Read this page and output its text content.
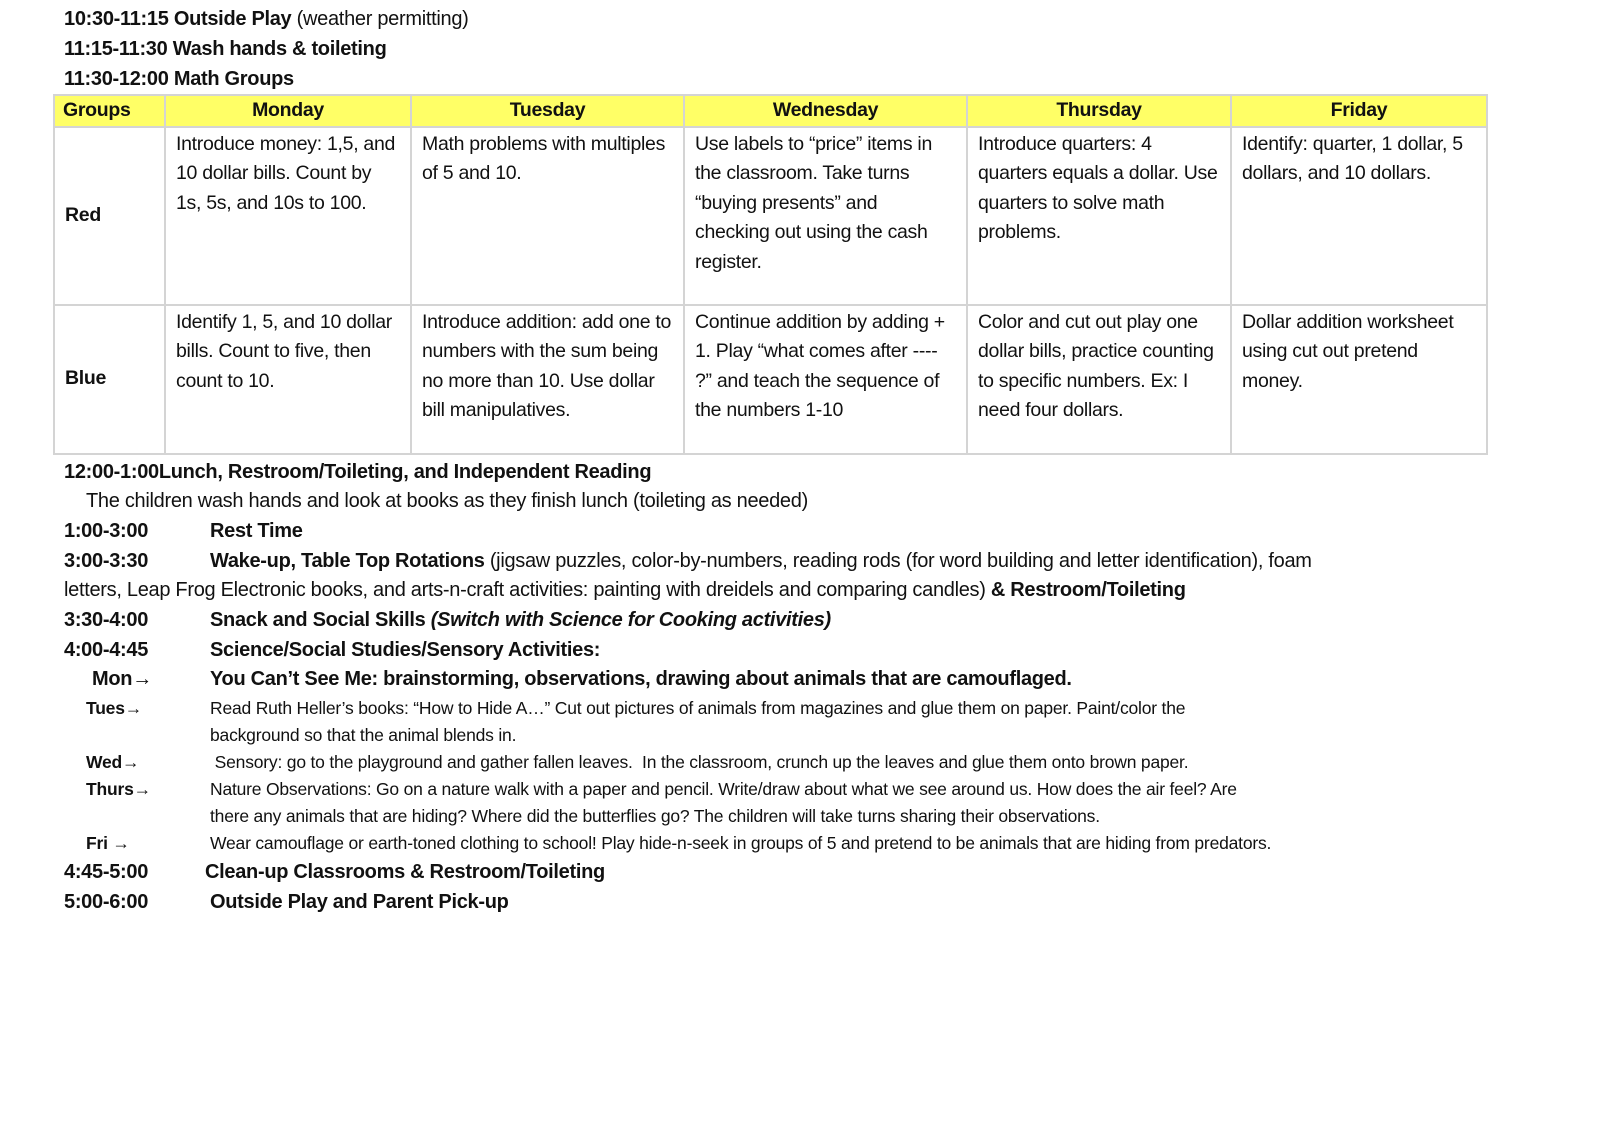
10:30-11:15 Outside Play (weather permitting)
11:15-11:30 Wash hands & toileting
11:30-12:00 Math Groups
Groups	Monday	Tuesday	Wednesday	Thursday	Friday
Red	Introduce money: 1,5, and 10 dollar bills. Count by 1s, 5s, and 10s to 100.	Math problems with multiples of 5 and 10.	Use labels to “price” items in the classroom. Take turns “buying presents” and checking out using the cash register.	Introduce quarters: 4 quarters equals a dollar. Use quarters to solve math problems.	Identify: quarter, 1 dollar, 5 dollars, and 10 dollars.
Blue	Identify 1, 5, and 10 dollar bills. Count to five, then count to 10.	Introduce addition: add one to numbers with the sum being no more than 10. Use dollar bill manipulatives.	Continue addition by adding + 1. Play “what comes after ---- ?” and teach the sequence of the numbers 1-10	Color and cut out play one dollar bills, practice counting to specific numbers. Ex: I need four dollars.	Dollar addition worksheet using cut out pretend money.
12:00-1:00Lunch, Restroom/Toileting, and Independent Reading
The children wash hands and look at books as they finish lunch (toileting as needed)
1:00-3:00	Rest Time
3:00-3:30	Wake-up, Table Top Rotations (jigsaw puzzles, color-by-numbers, reading rods (for word building and letter identification), foam
letters, Leap Frog Electronic books, and arts-n-craft activities: painting with dreidels and comparing candles) & Restroom/Toileting
3:30-4:00	Snack and Social Skills (Switch with Science for Cooking activities)
4:00-4:45	Science/Social Studies/Sensory Activities:
Mon→	You Can’t See Me: brainstorming, observations, drawing about animals that are camouflaged.
Tues→	Read Ruth Heller’s books: “How to Hide A…” Cut out pictures of animals from magazines and glue them on paper. Paint/color the
background so that the animal blends in.
Wed→	Sensory: go to the playground and gather fallen leaves.  In the classroom, crunch up the leaves and glue them onto brown paper.
Thurs→	Nature Observations: Go on a nature walk with a paper and pencil. Write/draw about what we see around us. How does the air feel? Are
there any animals that are hiding? Where did the butterflies go? The children will take turns sharing their observations.
Fri →	Wear camouflage or earth-toned clothing to school! Play hide-n-seek in groups of 5 and pretend to be animals that are hiding from predators.
4:45-5:00	Clean-up Classrooms & Restroom/Toileting
5:00-6:00	Outside Play and Parent Pick-up
